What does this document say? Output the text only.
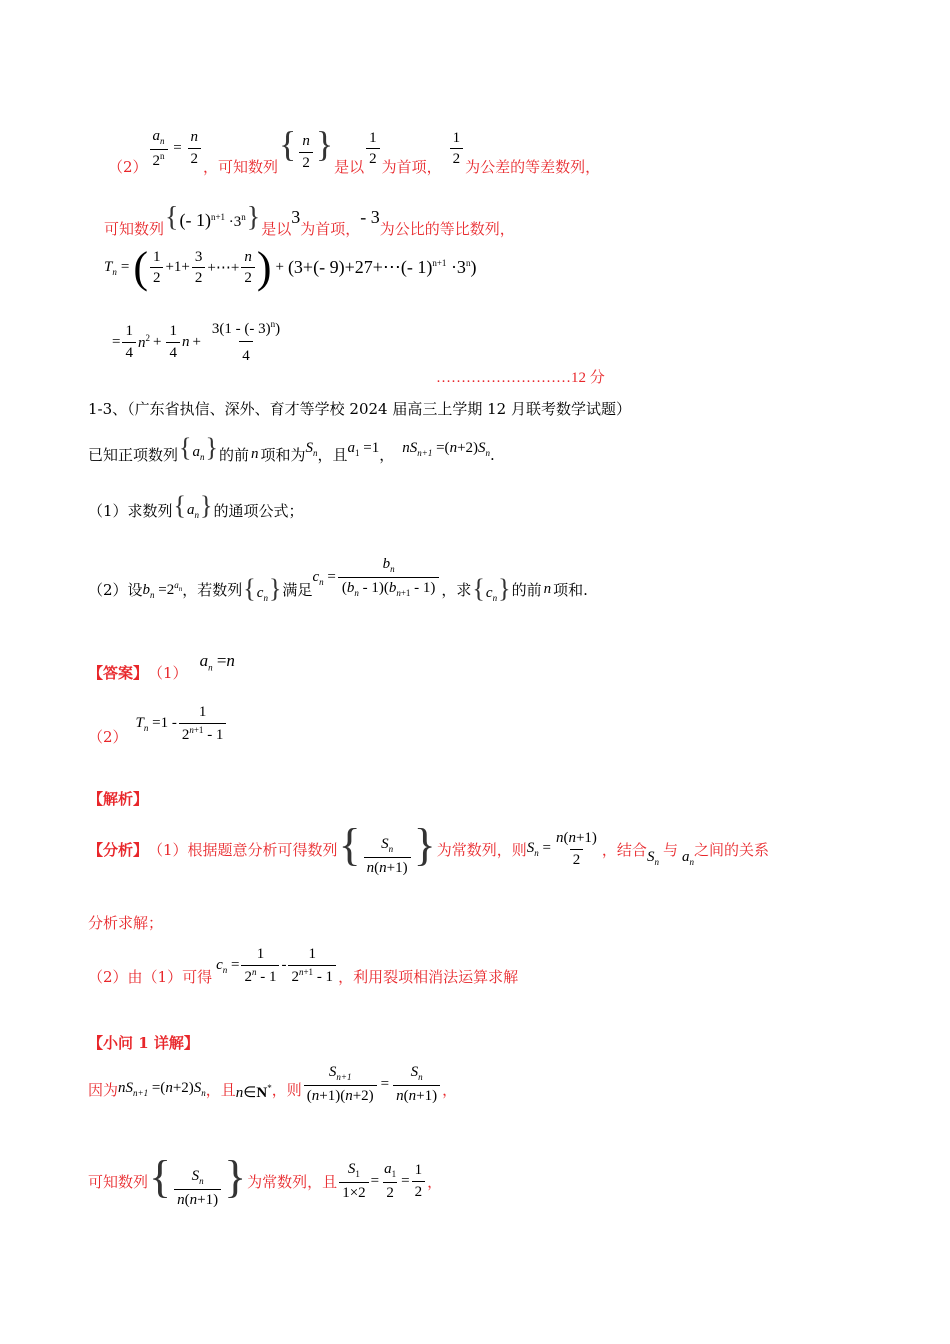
$(2) \frac{a_n}{2^n} = \frac{n}{2}$ ，可知数列
{ $\frac{n}{2}$ }
是以 $\frac{1}{2}$ 为首项， $\frac{1}{2}$ 为公差的等差数列，
可知数列 {(- $1)^{n+1} \cdot 3^n$} 是以
3
为首项，
- 3
为公比的等比数列，
$T_n$ = ( $\frac{1}{2} +1+ \frac{3}{2}$ +⋯+ $\frac{n}{2}$ ) + (3+(- 9)+27+⋯(- $1)^{n+1} \cdot 3^n$)
= $\frac{1}{4} n^2 + \frac{1}{4}$ $n + \frac{3(1 - (- 3)^n)}{4}$
………………………12 分
1-3、（广东省执信、深外、育才等学校 2024 届高三上学期 12 月联考数学试题）
已知正项数列 $\{a_n\}$ 的前 n 项和为 $S_n$ ，且 $a_1 =1$ ， $nS_{n+1} =(n+2)S_n$ .
（1）求数列 $\{a_n\}$ 的通项公式；
（2）设 $b_n =2^{a_n}$ ，若数列 $\{c_n\}$ 满足
$c_n = \frac{b_n}{(b_n - 1)(b_{n+1} - 1)}$ ，求 $\{c_n\}$ 的前 n 项和.
【答案】 （1）
$a_n =n$
（2）
$T_n =1 - \frac{1}{2^{n+1} - 1}$
【解析】
【分析】 （1）根据题意分析可得数列 { $\frac{S_n}{n(n+1)}$ } 为常数列，则 $S_n = \frac{n(n+1)}{2}$ ，结合 $S_n$
与 $a_n$
之间的关系
分析求解；
（2）由（1）可得
$c_n = \frac{1}{2^n - 1} - \frac{1}{2^{n+1} - 1}$ ，利用裂项相消法运算求解
【小问 1 详解】
因为 $nS_{n+1} =(n+2)S_n$ ，且 n∈N* ，则 $\frac{S_{n+1}}{(n+1)(n+2)} = \frac{S_n}{n(n+1)}$ ，
可知数列 { $\frac{S_n}{n(n+1)}$ } 为常数列，且 $\frac{S_1}{1\times 2} = \frac{a_1}{2} = \frac{1}{2}$ ，
